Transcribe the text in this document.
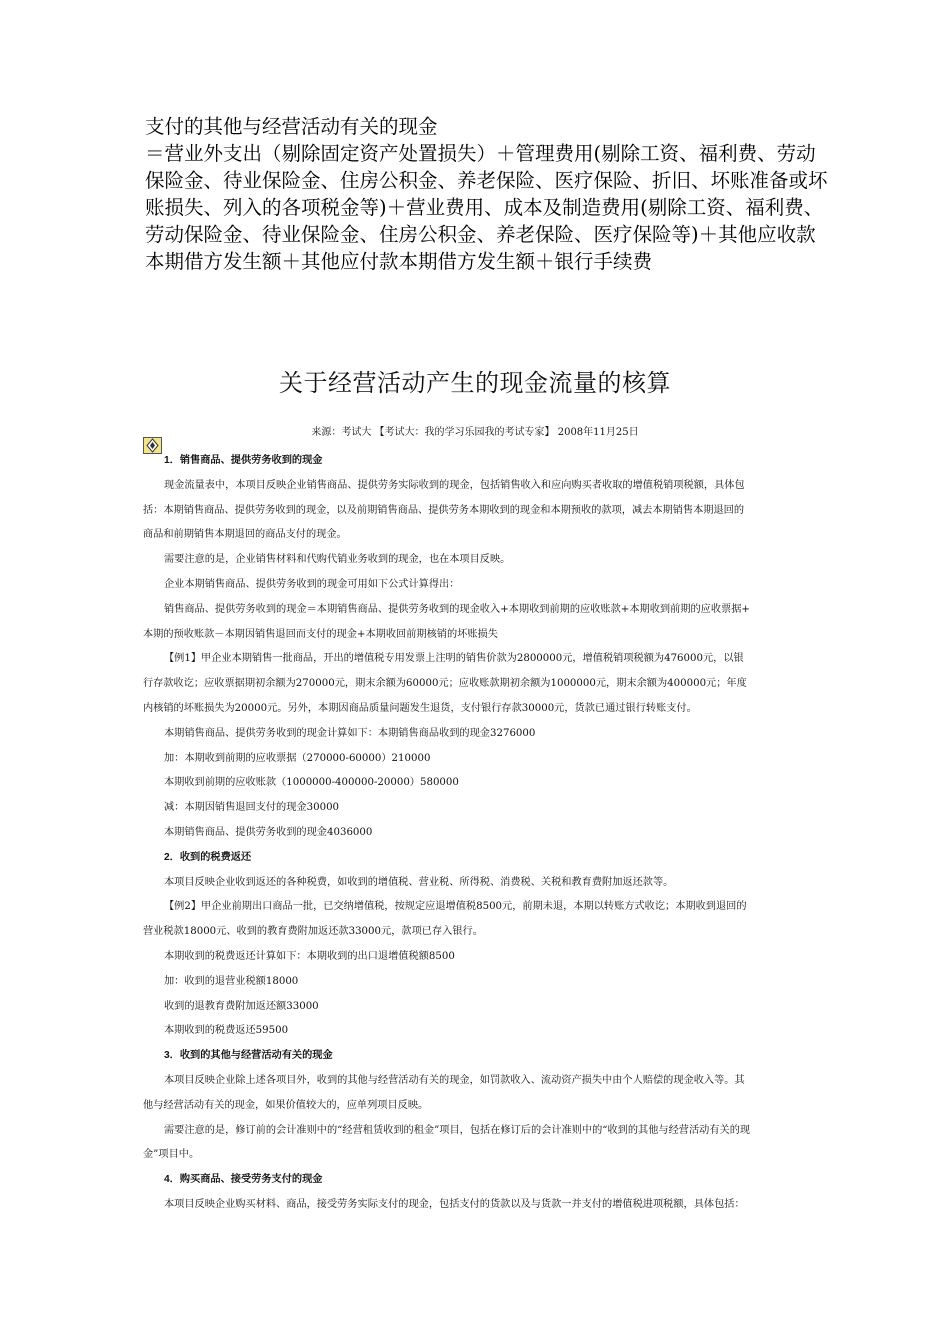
支付的其他与经营活动有关的现金

＝营业外支出（剔除固定资产处置损失）＋管理费用(剔除工资、福利费、劳动

保险金、待业保险金、住房公积金、养老保险、医疗保险、折旧、坏账准备或坏

账损失、列入的各项税金等)＋营业费用、成本及制造费用(剔除工资、福利费、

劳动保险金、待业保险金、住房公积金、养老保险、医疗保险等)＋其他应收款

本期借方发生额＋其他应付款本期借方发生额＋银行手续费

关于经营活动产生的现金流量的核算
来源：考试大 【考试大：我的学习乐园我的考试专家】 2008年11月25日

1．销售商品、提供劳务收到的现金

现金流量表中，本项目反映企业销售商品、提供劳务实际收到的现金，包括销售收入和应向购买者收取的增值税销项税额，具体包

括：本期销售商品、提供劳务收到的现金，以及前期销售商品、提供劳务本期收到的现金和本期预收的款项，减去本期销售本期退回的

商品和前期销售本期退回的商品支付的现金。

需要注意的是，企业销售材料和代购代销业务收到的现金，也在本项目反映。

企业本期销售商品、提供劳务收到的现金可用如下公式计算得出：

销售商品、提供劳务收到的现金＝本期销售商品、提供劳务收到的现金收入+本期收到前期的应收账款+本期收到前期的应收票据+

本期的预收账款－本期因销售退回而支付的现金+本期收回前期核销的坏账损失

【例1】甲企业本期销售一批商品，开出的增值税专用发票上注明的销售价款为2800000元，增值税销项税额为476000元，以银

行存款收讫；应收票据期初余额为270000元，期末余额为60000元；应收账款期初余额为1000000元，期末余额为400000元；年度

内核销的坏账损失为20000元。另外，本期因商品质量问题发生退货，支付银行存款30000元，货款已通过银行转账支付。

本期销售商品、提供劳务收到的现金计算如下：本期销售商品收到的现金3276000

加：本期收到前期的应收票据（270000-60000）210000

本期收到前期的应收账款（1000000-400000-20000）580000

减：本期因销售退回支付的现金30000

本期销售商品、提供劳务收到的现金4036000

2．收到的税费返还

本项目反映企业收到返还的各种税费，如收到的增值税、营业税、所得税、消费税、关税和教育费附加返还款等。

【例2】甲企业前期出口商品一批，已交纳增值税，按规定应退增值税8500元，前期未退，本期以转账方式收讫；本期收到退回的

营业税款18000元、收到的教育费附加返还款33000元，款项已存入银行。

本期收到的税费返还计算如下：本期收到的出口退增值税额8500

加：收到的退营业税额18000

收到的退教育费附加返还额33000

本期收到的税费返还59500

3．收到的其他与经营活动有关的现金

本项目反映企业除上述各项目外，收到的其他与经营活动有关的现金，如罚款收入、流动资产损失中由个人赔偿的现金收入等。其

他与经营活动有关的现金，如果价值较大的，应单列项目反映。

需要注意的是，修订前的会计准则中的“经营租赁收到的租金”项目，包括在修订后的会计准则中的“收到的其他与经营活动有关的现

金”项目中。

4．购买商品、接受劳务支付的现金

本项目反映企业购买材料、商品，接受劳务实际支付的现金，包括支付的货款以及与货款一并支付的增值税进项税额，具体包括：
